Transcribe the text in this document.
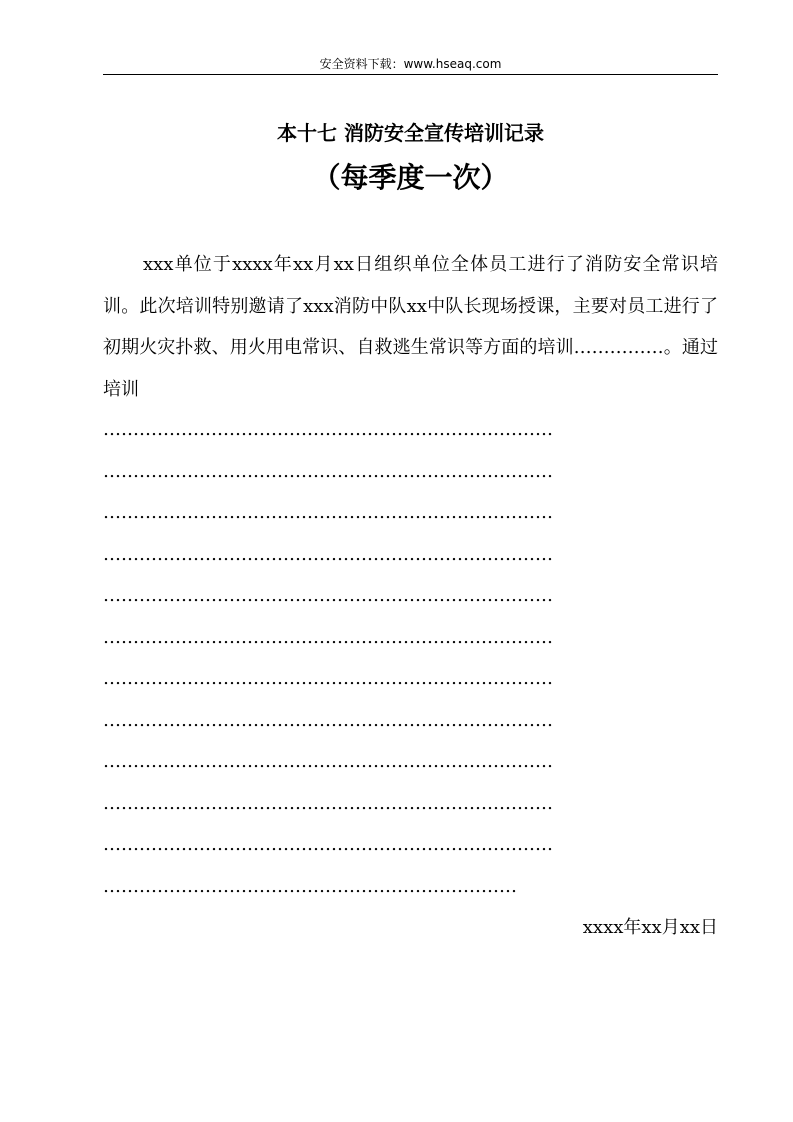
安全资料下载：www.hseaq.com
本十七 消防安全宣传培训记录
（每季度一次）

xxx单位于xxxx年xx月xx日组织单位全体员工进行了消防安全常识培训。此次培训特别邀请了xxx消防中队xx中队长现场授课，主要对员工进行了初期火灾扑救、用火用电常识、自救逃生常识等方面的培训……………。通过培训

…………………………………………………………………
…………………………………………………………………
…………………………………………………………………
…………………………………………………………………
…………………………………………………………………
…………………………………………………………………
…………………………………………………………………
…………………………………………………………………
…………………………………………………………………
…………………………………………………………………
…………………………………………………………………
……………………………………………………………
xxxx年xx月xx日
